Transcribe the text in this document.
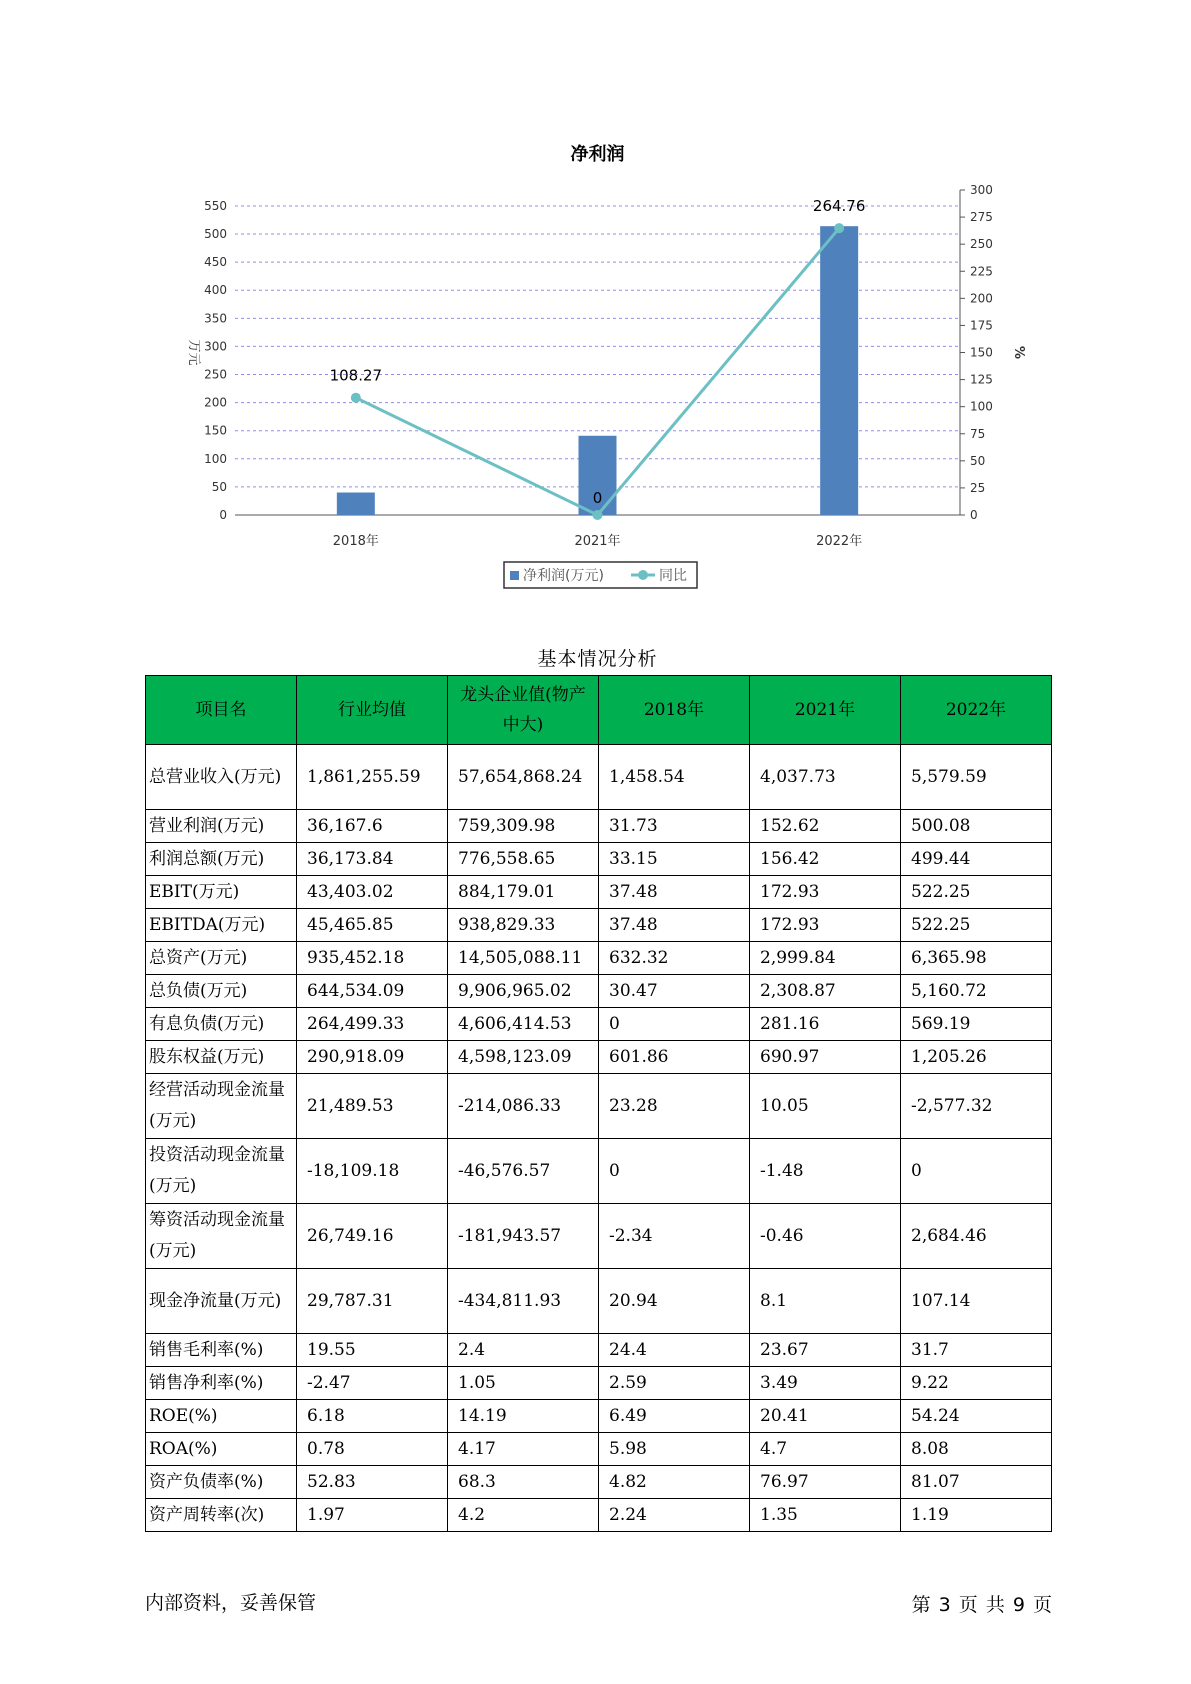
净利润
0
50
100
150
200
250
300
350
400
450
500
550
0
25
50
75
100
125
150
175
200
225
250
275
300
万元	%
2018年	2021年	2022年
108.27
0
264.76
净利润(万元)	同比
基本情况分析
项目名	行业均值	龙头企业值(物产中大)	2018年	2021年	2022年
总营业收入(万元)	1,861,255.59	57,654,868.24	1,458.54	4,037.73	5,579.59
营业利润(万元)	36,167.6	759,309.98	31.73	152.62	500.08
利润总额(万元)	36,173.84	776,558.65	33.15	156.42	499.44
EBIT(万元)	43,403.02	884,179.01	37.48	172.93	522.25
EBITDA(万元)	45,465.85	938,829.33	37.48	172.93	522.25
总资产(万元)	935,452.18	14,505,088.11	632.32	2,999.84	6,365.98
总负债(万元)	644,534.09	9,906,965.02	30.47	2,308.87	5,160.72
有息负债(万元)	264,499.33	4,606,414.53	0	281.16	569.19
股东权益(万元)	290,918.09	4,598,123.09	601.86	690.97	1,205.26
经营活动现金流量(万元)	21,489.53	-214,086.33	23.28	10.05	-2,577.32
投资活动现金流量(万元)	-18,109.18	-46,576.57	0	-1.48	0
筹资活动现金流量(万元)	26,749.16	-181,943.57	-2.34	-0.46	2,684.46
现金净流量(万元)	29,787.31	-434,811.93	20.94	8.1	107.14
销售毛利率(%)	19.55	2.4	24.4	23.67	31.7
销售净利率(%)	-2.47	1.05	2.59	3.49	9.22
ROE(%)	6.18	14.19	6.49	20.41	54.24
ROA(%)	0.78	4.17	5.98	4.7	8.08
资产负债率(%)	52.83	68.3	4.82	76.97	81.07
资产周转率(次)	1.97	4.2	2.24	1.35	1.19
内部资料，妥善保管	第 3 页 共 9 页
